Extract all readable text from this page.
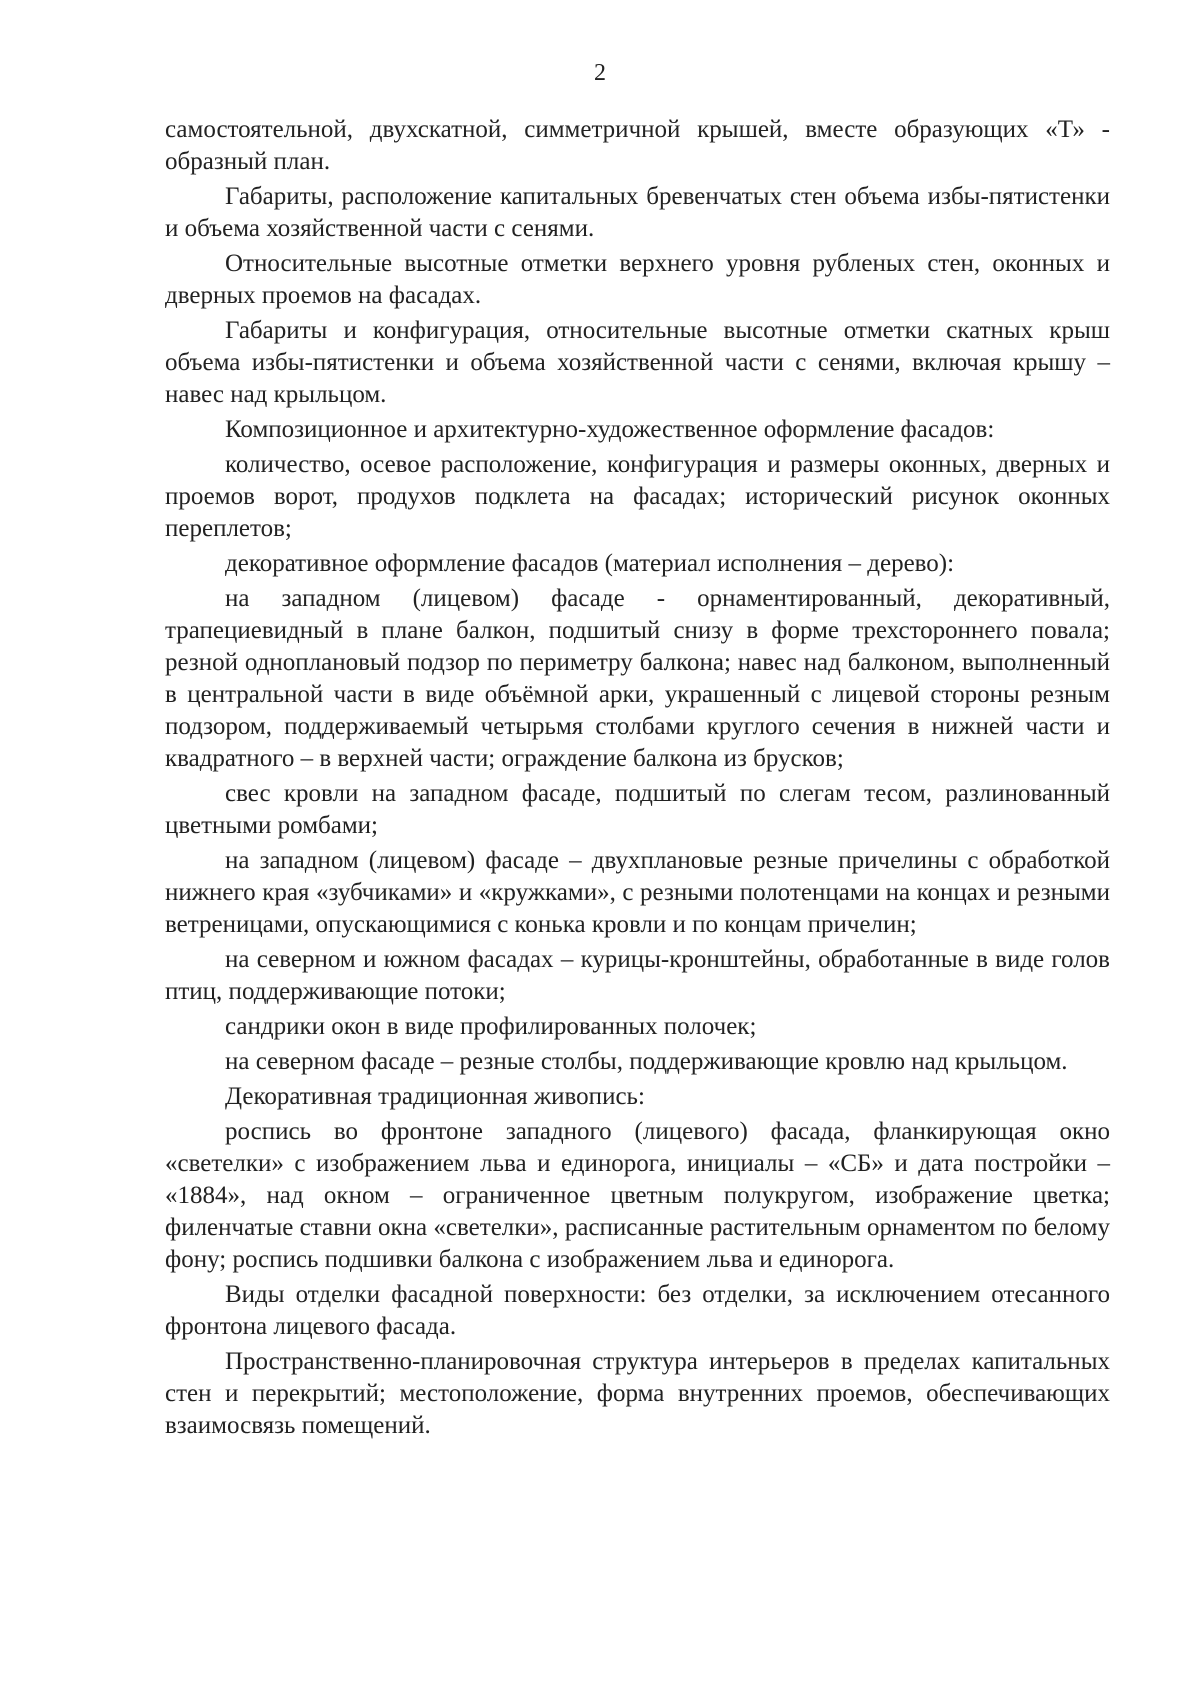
2

самостоятельной, двухскатной, симметричной крышей, вместе образующих «Т» - образный план.

Габариты, расположение капитальных бревенчатых стен объема избы-пятистенки и объема хозяйственной части с сенями.

Относительные высотные отметки верхнего уровня рубленых стен, оконных и дверных проемов на фасадах.

Габариты и конфигурация, относительные высотные отметки скатных крыш объема избы-пятистенки и объема хозяйственной части с сенями, включая крышу – навес над крыльцом.

Композиционное и архитектурно-художественное оформление фасадов:

количество, осевое расположение, конфигурация и размеры оконных, дверных и проемов ворот, продухов подклета на фасадах; исторический рисунок оконных переплетов;

декоративное оформление фасадов (материал исполнения – дерево):

на западном (лицевом) фасаде - орнаментированный, декоративный, трапециевидный в плане балкон, подшитый снизу в форме трехстороннего повала; резной одноплановый подзор по периметру балкона; навес над балконом, выполненный в центральной части в виде объёмной арки, украшенный с лицевой стороны резным подзором, поддерживаемый четырьмя столбами круглого сечения в нижней части и квадратного – в верхней части; ограждение балкона из брусков;

свес кровли на западном фасаде, подшитый по слегам тесом, разлинованный цветными ромбами;

на западном (лицевом) фасаде – двухплановые резные причелины с обработкой нижнего края «зубчиками» и «кружками», с резными полотенцами на концах и резными ветреницами, опускающимися с конька кровли и по концам причелин;

на северном и южном фасадах – курицы-кронштейны, обработанные в виде голов птиц, поддерживающие потоки;

сандрики окон в виде профилированных полочек;

на северном фасаде – резные столбы, поддерживающие кровлю над крыльцом.

Декоративная традиционная живопись:

роспись во фронтоне западного (лицевого) фасада, фланкирующая окно «светелки» с изображением льва и единорога, инициалы – «СБ» и дата постройки – «1884», над окном – ограниченное цветным полукругом, изображение цветка; филенчатые ставни окна «светелки», расписанные растительным орнаментом по белому фону; роспись подшивки балкона с изображением льва и единорога.

Виды отделки фасадной поверхности: без отделки, за исключением отесанного фронтона лицевого фасада.

Пространственно-планировочная структура интерьеров в пределах капитальных стен и перекрытий; местоположение, форма внутренних проемов, обеспечивающих взаимосвязь помещений.
